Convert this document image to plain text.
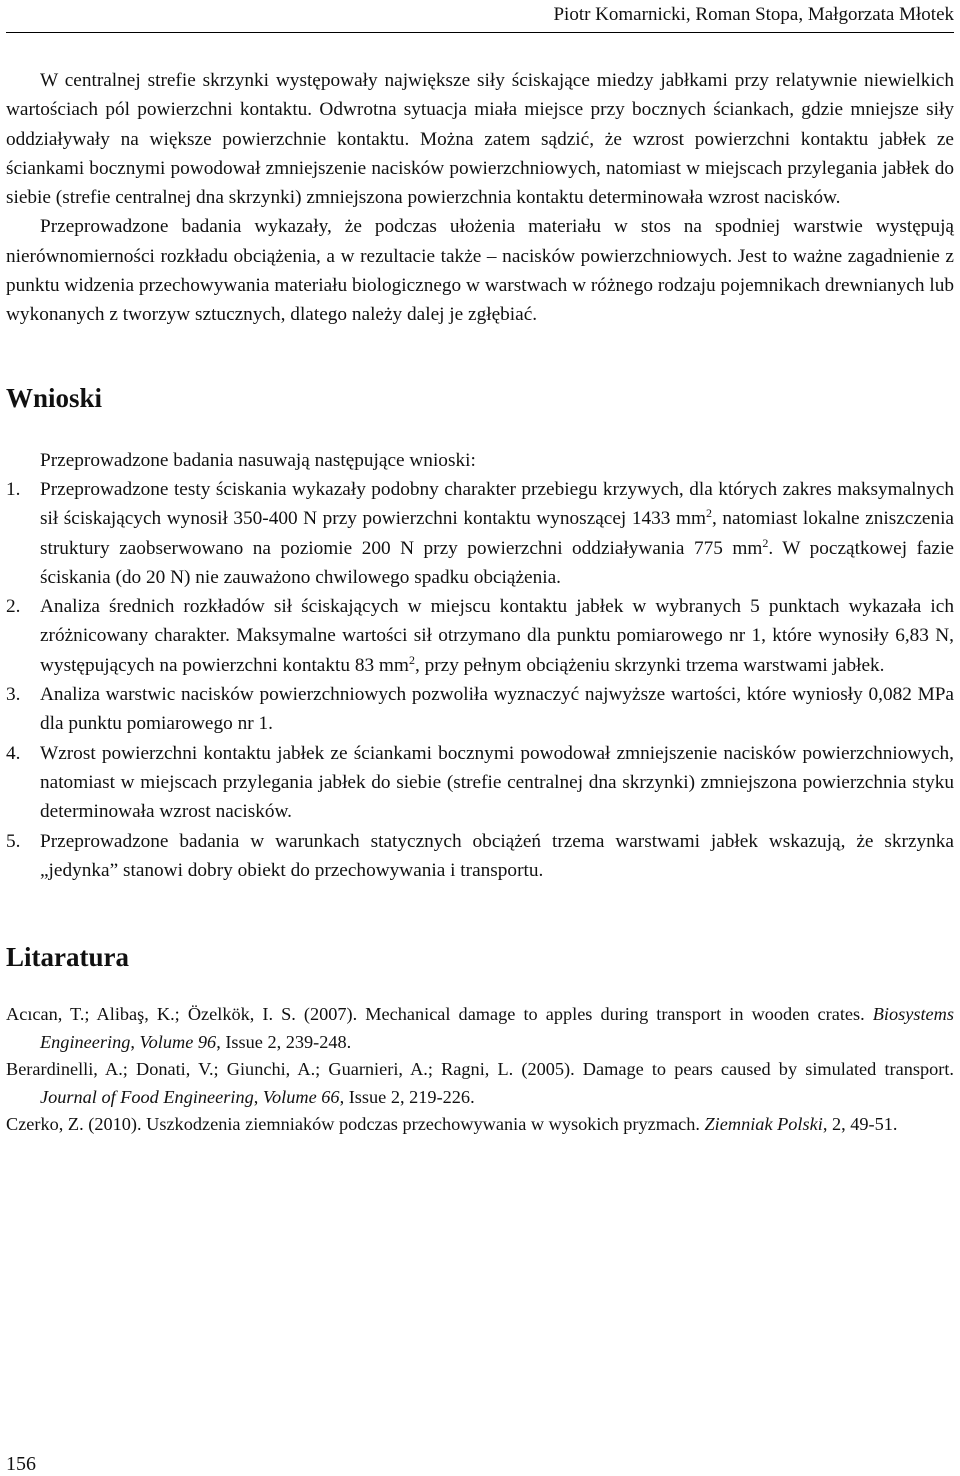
Piotr Komarnicki, Roman Stopa, Małgorzata Młotek

W centralnej strefie skrzynki występowały największe siły ściskające miedzy jabłkami przy relatywnie niewielkich wartościach pól powierzchni kontaktu. Odwrotna sytuacja miała miejsce przy bocznych ściankach, gdzie mniejsze siły oddziaływały na większe powierzchnie kontaktu. Można zatem sądzić, że wzrost powierzchni kontaktu jabłek ze ściankami bocznymi powodował zmniejszenie nacisków powierzchniowych, natomiast w miejscach przylegania jabłek do siebie (strefie centralnej dna skrzynki) zmniejszona powierzchnia kontaktu determinowała wzrost nacisków.

Przeprowadzone badania wykazały, że podczas ułożenia materiału w stos na spodniej warstwie występują nierównomierności rozkładu obciążenia, a w rezultacie także – nacisków powierzchniowych. Jest to ważne zagadnienie z punktu widzenia przechowywania materiału biologicznego w warstwach w różnego rodzaju pojemnikach drewnianych lub wykonanych z tworzyw sztucznych, dlatego należy dalej je zgłębiać.

Wnioski

Przeprowadzone badania nasuwają następujące wnioski:

1. Przeprowadzone testy ściskania wykazały podobny charakter przebiegu krzywych, dla których zakres maksymalnych sił ściskających wynosił 350-400 N przy powierzchni kontaktu wynoszącej 1433 $mm^2$, natomiast lokalne zniszczenia struktury zaobserwowano na poziomie 200 N przy powierzchni oddziaływania 775 $mm^2$. W początkowej fazie ściskania (do 20 N) nie zauważono chwilowego spadku obciążenia.
2. Analiza średnich rozkładów sił ściskających w miejscu kontaktu jabłek w wybranych 5 punktach wykazała ich zróżnicowany charakter. Maksymalne wartości sił otrzymano dla punktu pomiarowego nr 1, które wynosiły 6,83 N, występujących na powierzchni kontaktu 83 $mm^2$, przy pełnym obciążeniu skrzynki trzema warstwami jabłek.
3. Analiza warstwic nacisków powierzchniowych pozwoliła wyznaczyć najwyższe wartości, które wyniosły 0,082 MPa dla punktu pomiarowego nr 1.
4. Wzrost powierzchni kontaktu jabłek ze ściankami bocznymi powodował zmniejszenie nacisków powierzchniowych, natomiast w miejscach przylegania jabłek do siebie (strefie centralnej dna skrzynki) zmniejszona powierzchnia styku determinowała wzrost nacisków.
5. Przeprowadzone badania w warunkach statycznych obciążeń trzema warstwami jabłek wskazują, że skrzynka „jedynka” stanowi dobry obiekt do przechowywania i transportu.
Litaratura
Acıcan, T.; Alibaş, K.; Özelkök, I. S. (2007). Mechanical damage to apples during transport in wooden crates. Biosystems Engineering, Volume 96, Issue 2, 239-248.
Berardinelli, A.; Donati, V.; Giunchi, A.; Guarnieri, A.; Ragni, L. (2005). Damage to pears caused by simulated transport. Journal of Food Engineering, Volume 66, Issue 2, 219-226.
Czerko, Z. (2010). Uszkodzenia ziemniaków podczas przechowywania w wysokich pryzmach. Ziemniak Polski, 2, 49-51.
156
